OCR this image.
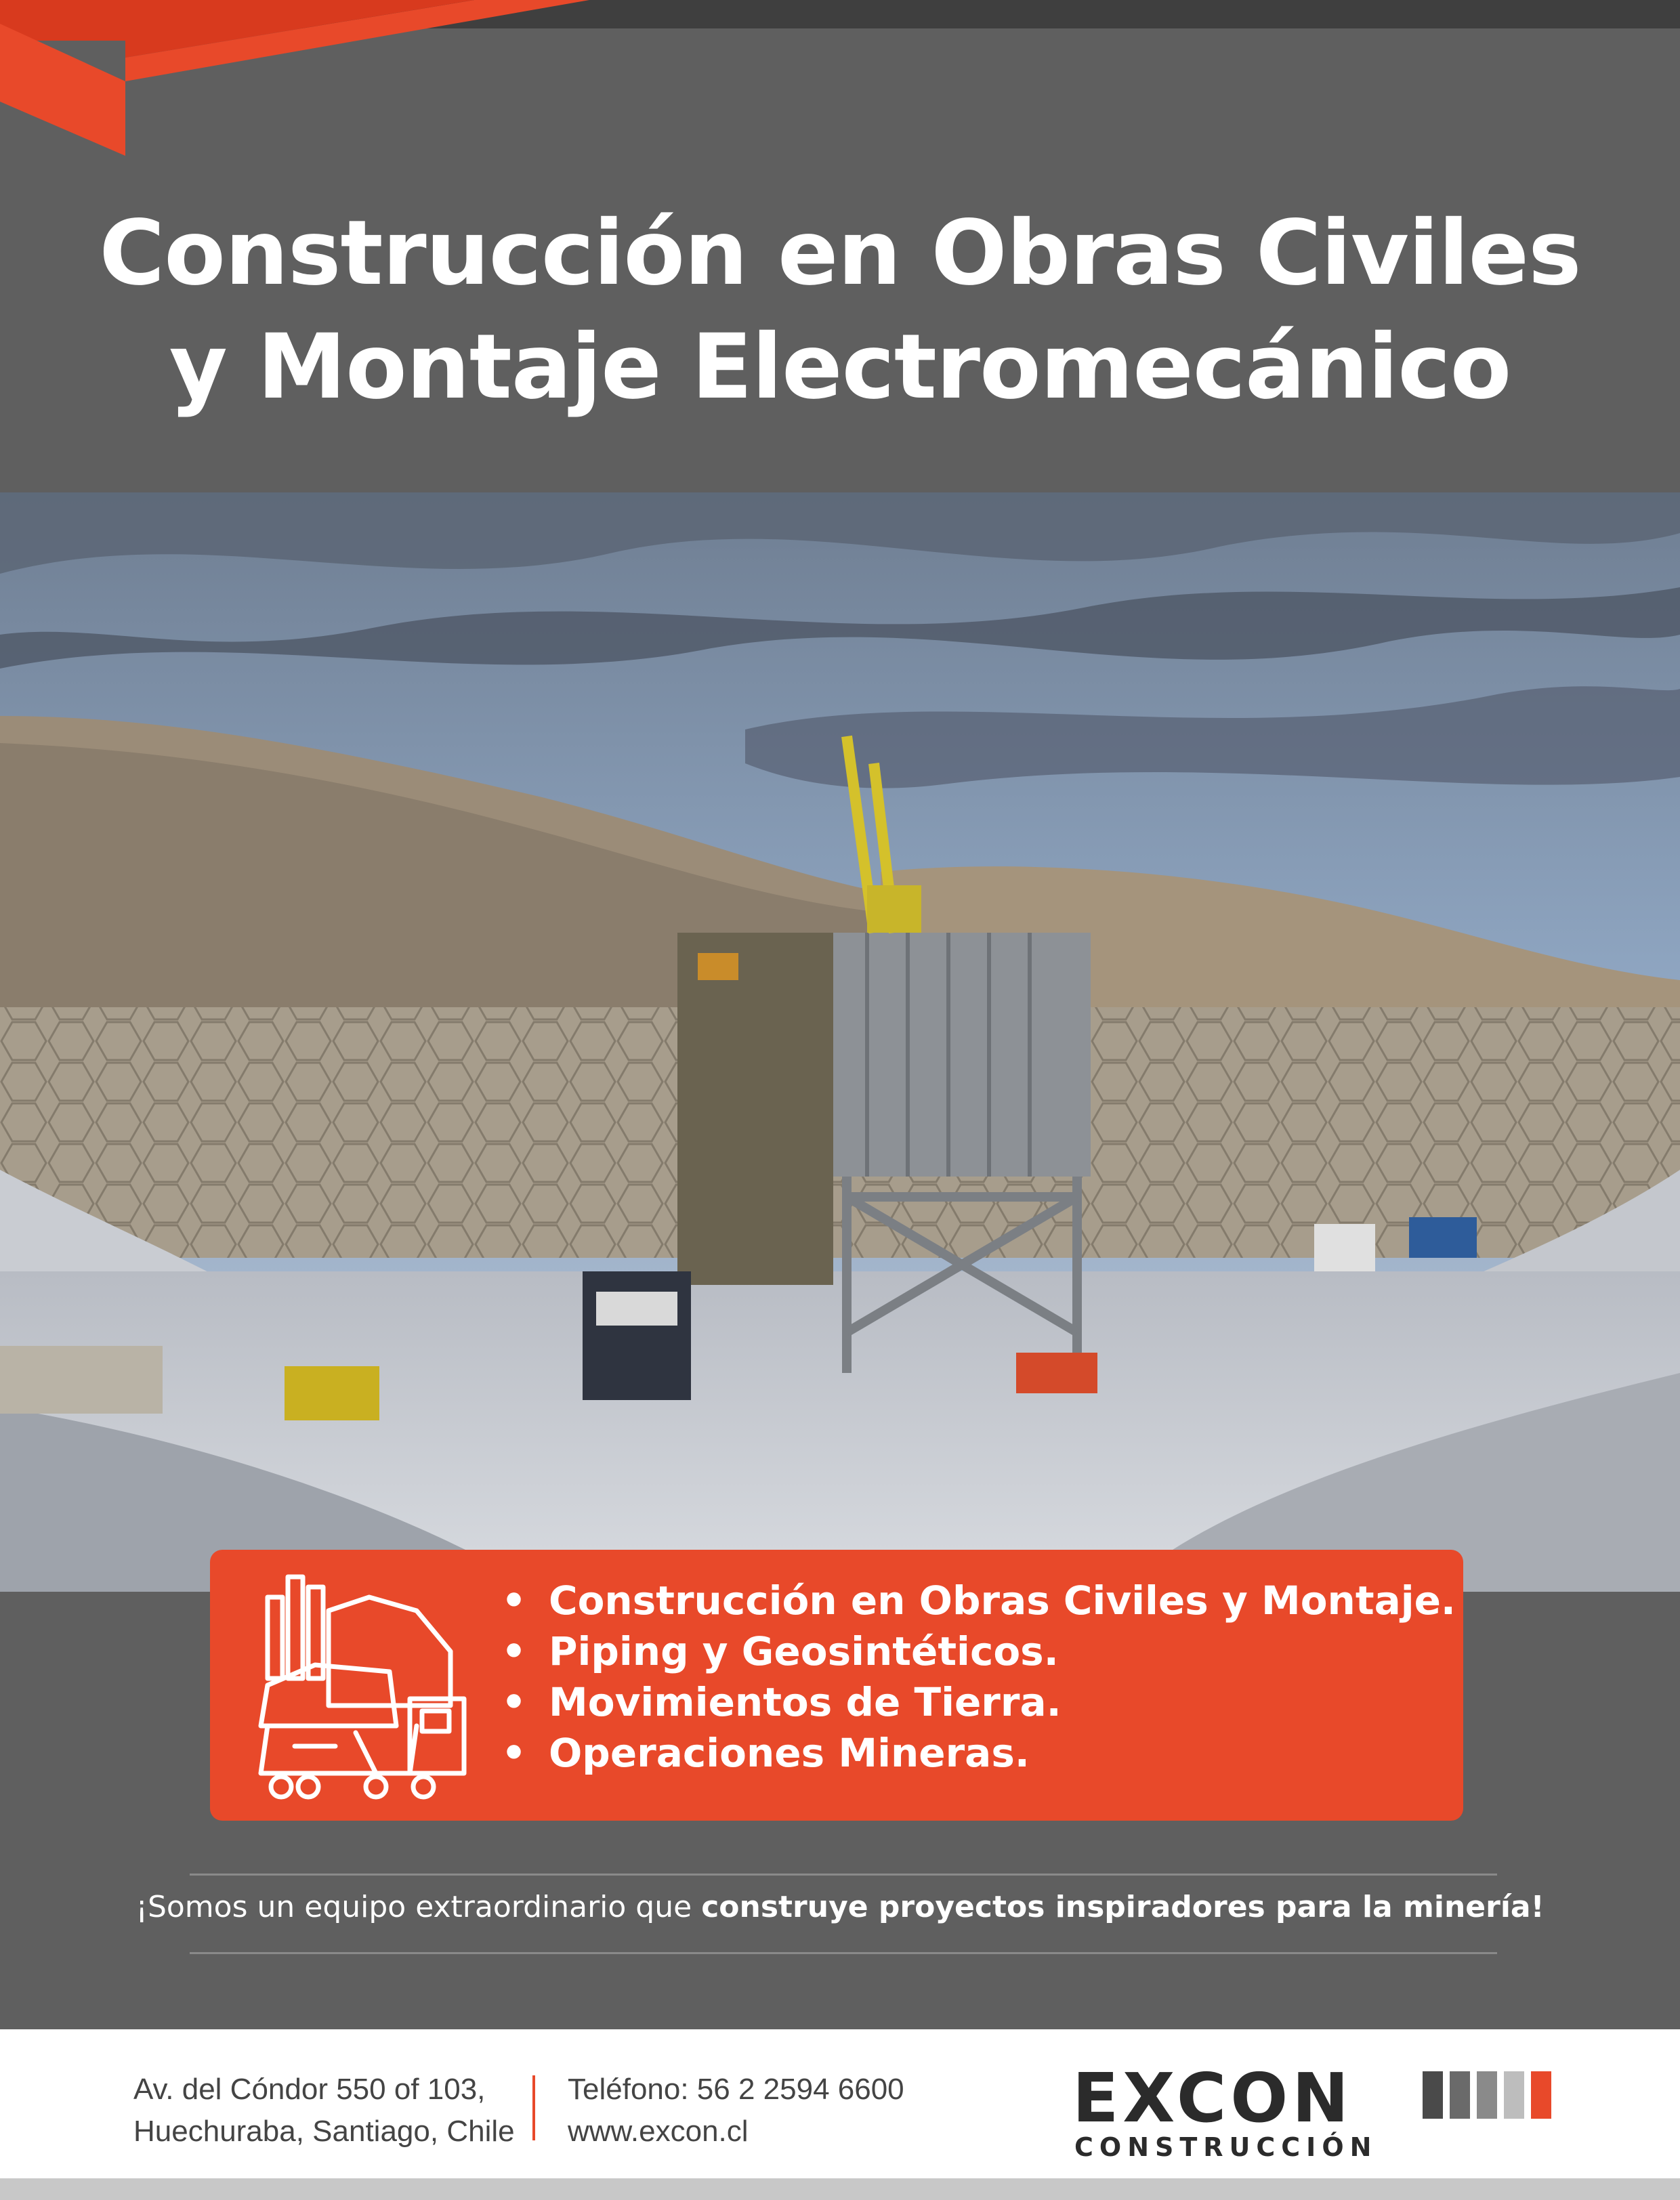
Construcción en Obras Civiles
y Montaje Electromecánico
• Construcción en Obras Civiles y Montaje.
• Piping y Geosintéticos.
• Movimientos de Tierra.
• Operaciones Mineras.
¡Somos un equipo extraordinario que construye proyectos inspiradores para la minería!
Av. del Cóndor 550 of 103,
Huechuraba, Santiago, Chile
Teléfono: 56 2 2594 6600
www.excon.cl	EXCON
CONSTRUCCIÓN
